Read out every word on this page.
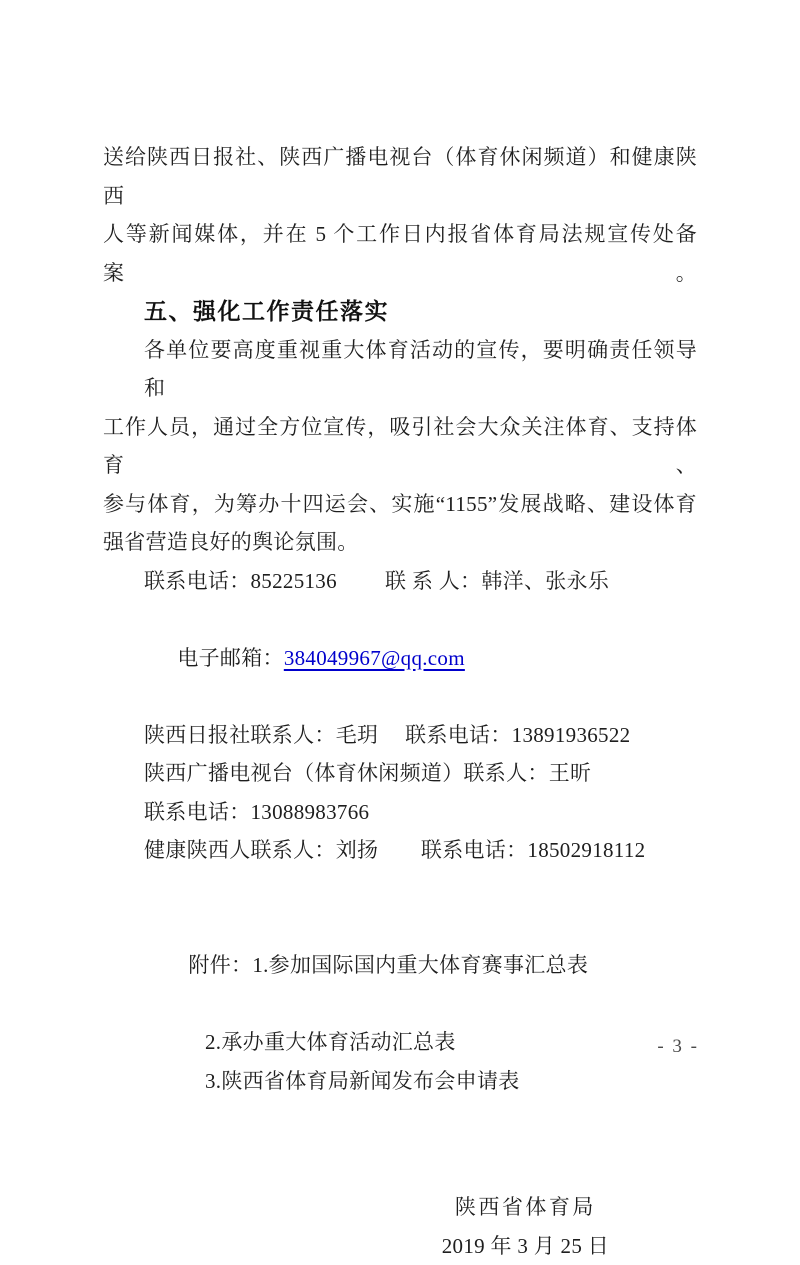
送给陕西日报社、陕西广播电视台（体育休闲频道）和健康陕西
人等新闻媒体，并在 5 个工作日内报省体育局法规宣传处备案。
五、强化工作责任落实
各单位要高度重视重大体育活动的宣传，要明确责任领导和
工作人员，通过全方位宣传，吸引社会大众关注体育、支持体育、
参与体育，为筹办十四运会、实施“1155”发展战略、建设体育
强省营造良好的舆论氛围。
联系电话：85225136　　 联 系 人：韩洋、张永乐

电子邮箱：384049967@qq.com

陕西日报社联系人：毛玥　 联系电话：13891936522
陕西广播电视台（体育休闲频道）联系人：王昕
联系电话：13088983766
健康陕西人联系人：刘扬　　联系电话：18502918112

附件：1.参加国际国内重大体育赛事汇总表

2.承办重大体育活动汇总表
3.陕西省体育局新闻发布会申请表
陕西省体育局
2019 年 3 月 25 日
- 3 -
